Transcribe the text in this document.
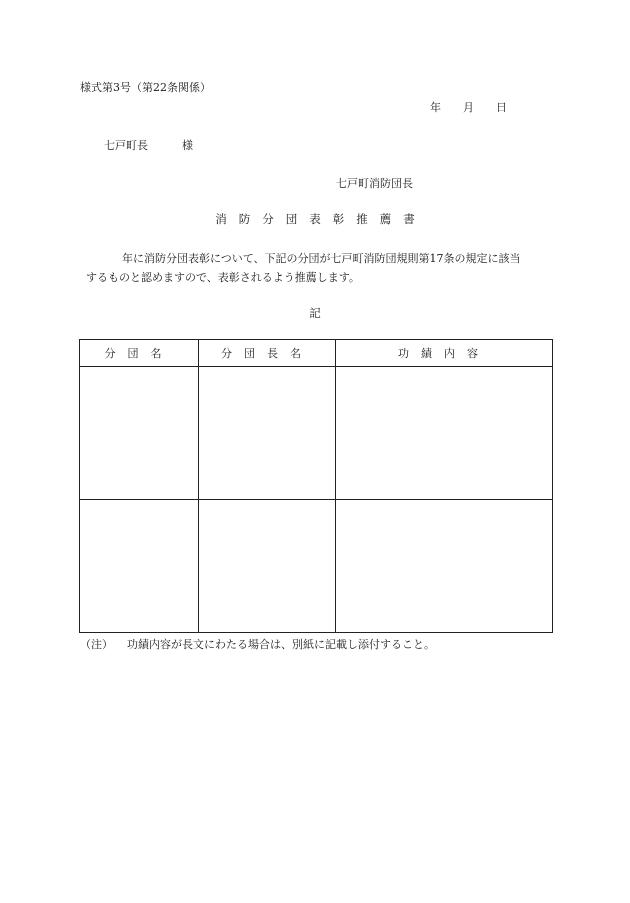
様式第3号（第22条関係）
年 月 日
七戸町長	様
七戸町消防団長
消防分団表彰推薦書
年に消防分団表彰について、下記の分団が七戸町消防団規則第17条の規定に該当
するものと認めますので、表彰されるよう推薦します。
記
分団名	分団長名	功績内容

（注） 功績内容が長文にわたる場合は、別紙に記載し添付すること。
